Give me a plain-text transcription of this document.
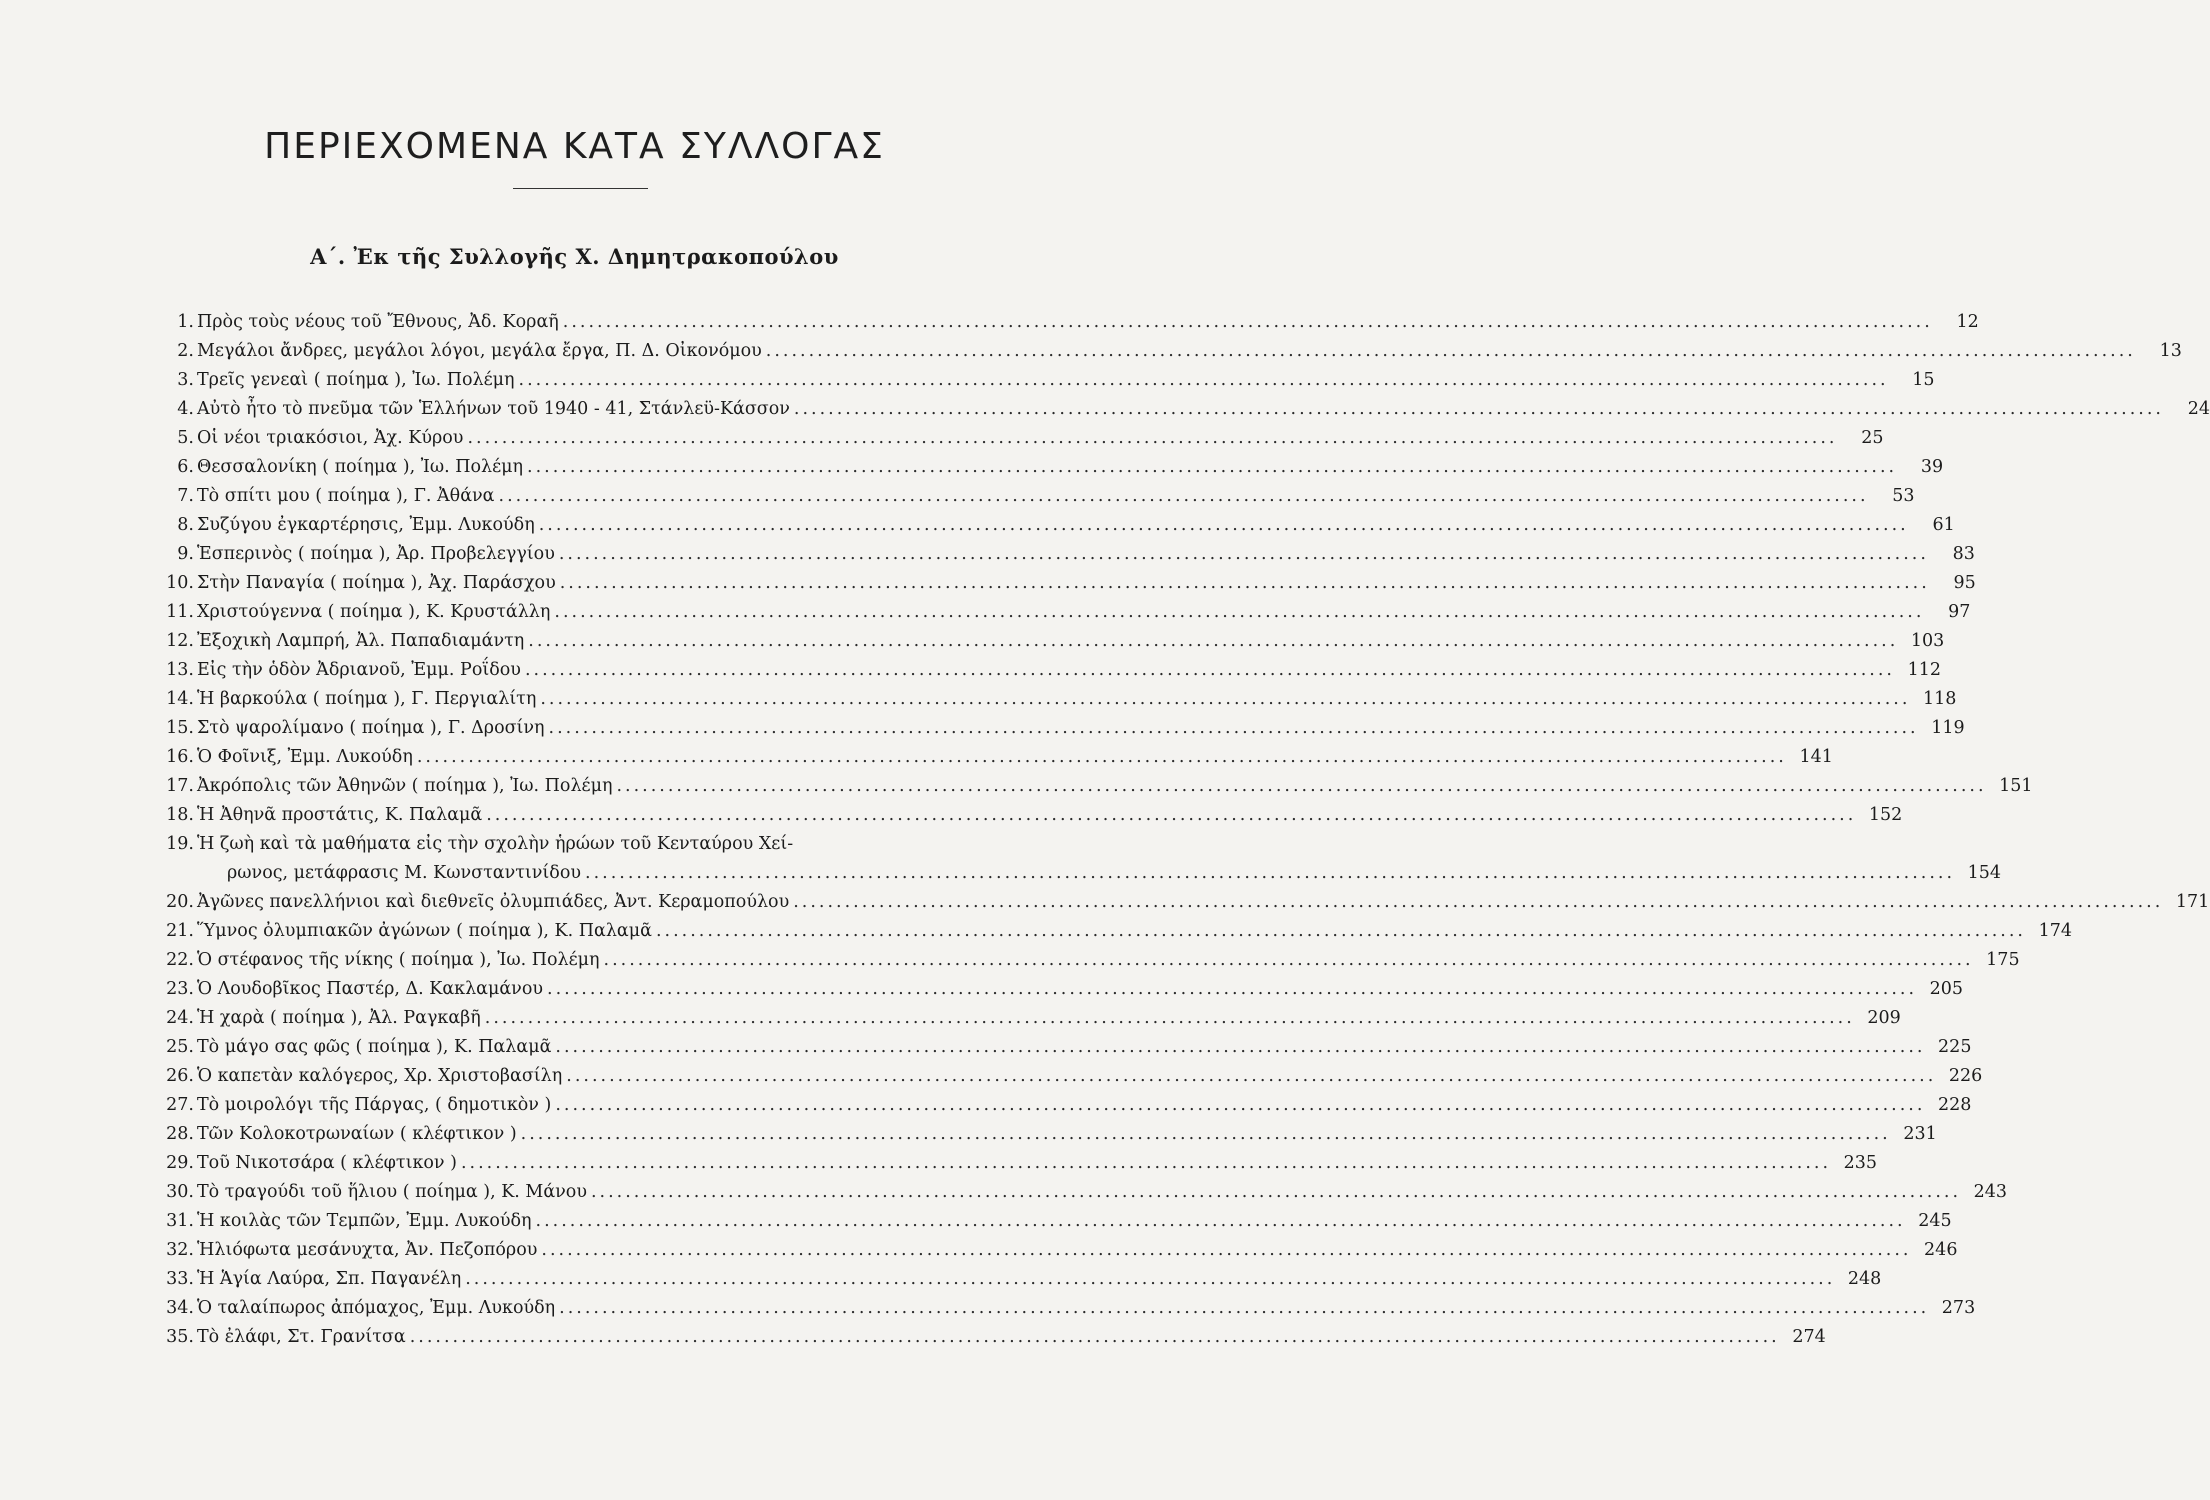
ΠΕΡΙΕΧΟΜΕΝΑ ΚΑΤΑ ΣΥΛΛΟΓΑΣ
Α΄. Ἐκ τῆς Συλλογῆς Χ. Δημητρακοπούλου
1. Πρὸς τοὺς νέους τοῦ Ἔθνους, Ἀδ. Κοραῆ .....	12
2. Μεγάλοι ἄνδρες, μεγάλοι λόγοι, μεγάλα ἔργα, Π. Δ. Οἰκονόμου .....	13
3. Τρεῖς γενεαὶ ( ποίημα ), Ἰω. Πολέμη .....	15
4. Αὐτὸ ἦτο τὸ πνεῦμα τῶν Ἑλλήνων τοῦ 1940 - 41, Στάνλεϋ-Κάσσον .....	24
5. Οἱ νέοι τριακόσιοι, Ἀχ. Κύρου .....	25
6. Θεσσαλονίκη ( ποίημα ), Ἰω. Πολέμη .....	39
7. Τὸ σπίτι μου ( ποίημα ), Γ. Ἀθάνα .....	53
8. Συζύγου ἐγκαρτέρησις, Ἐμμ. Λυκούδη .....	61
9. Ἑσπερινὸς ( ποίημα ), Ἀρ. Προβελεγγίου .....	83
10. Στὴν Παναγία ( ποίημα ), Ἀχ. Παράσχου .....	95
11. Χριστούγεννα ( ποίημα ), Κ. Κρυστάλλη .....	97
12. Ἐξοχικὴ Λαμπρή, Ἀλ. Παπαδιαμάντη .....	103
13. Εἰς τὴν ὁδὸν Ἀδριανοῦ, Ἐμμ. Ροΐδου .....	112
14. Ἡ βαρκούλα ( ποίημα ), Γ. Περγιαλίτη .....	118
15. Στὸ ψαρολίμανο ( ποίημα ), Γ. Δροσίνη .....	119
16. Ὁ Φοῖνιξ, Ἐμμ. Λυκούδη .....	141
17. Ἀκρόπολις τῶν Ἀθηνῶν ( ποίημα ), Ἰω. Πολέμη .....	151
18. Ἡ Ἀθηνᾶ προστάτις, Κ. Παλαμᾶ .....	152
19. Ἡ ζωὴ καὶ τὰ μαθήματα εἰς τὴν σχολὴν ἡρώων τοῦ Κενταύρου Χεί-
ρωνος, μετάφρασις Μ. Κωνσταντινίδου .....	154
20. Ἀγῶνες πανελλήνιοι καὶ διεθνεῖς ὀλυμπιάδες, Ἀντ. Κεραμοπούλου .....	171
21. Ὕμνος ὀλυμπιακῶν ἀγώνων ( ποίημα ), Κ. Παλαμᾶ .....	174
22. Ὁ στέφανος τῆς νίκης ( ποίημα ), Ἰω. Πολέμη .....	175
23. Ὁ Λουδοβῖκος Παστέρ, Δ. Κακλαμάνου .....	205
24. Ἡ χαρὰ ( ποίημα ), Ἀλ. Ραγκαβῆ .....	209
25. Τὸ μάγο σας φῶς ( ποίημα ), Κ. Παλαμᾶ .....	225
26. Ὁ καπετὰν καλόγερος, Χρ. Χριστοβασίλη .....	226
27. Τὸ μοιρολόγι τῆς Πάργας, ( δημοτικὸν ) .....	228
28. Τῶν Κολοκοτρωναίων ( κλέφτικον ) .....	231
29. Τοῦ Νικοτσάρα ( κλέφτικον ) .....	235
30. Τὸ τραγούδι τοῦ ἥλιου ( ποίημα ), Κ. Μάνου .....	243
31. Ἡ κοιλὰς τῶν Τεμπῶν, Ἐμμ. Λυκούδη .....	245
32. Ἡλιόφωτα μεσάνυχτα, Ἀν. Πεζοπόρου .....	246
33. Ἡ Ἁγία Λαύρα, Σπ. Παγανέλη .....	248
34. Ὁ ταλαίπωρος ἀπόμαχος, Ἐμμ. Λυκούδη .....	273
35. Τὸ ἐλάφι, Στ. Γρανίτσα .....	274
